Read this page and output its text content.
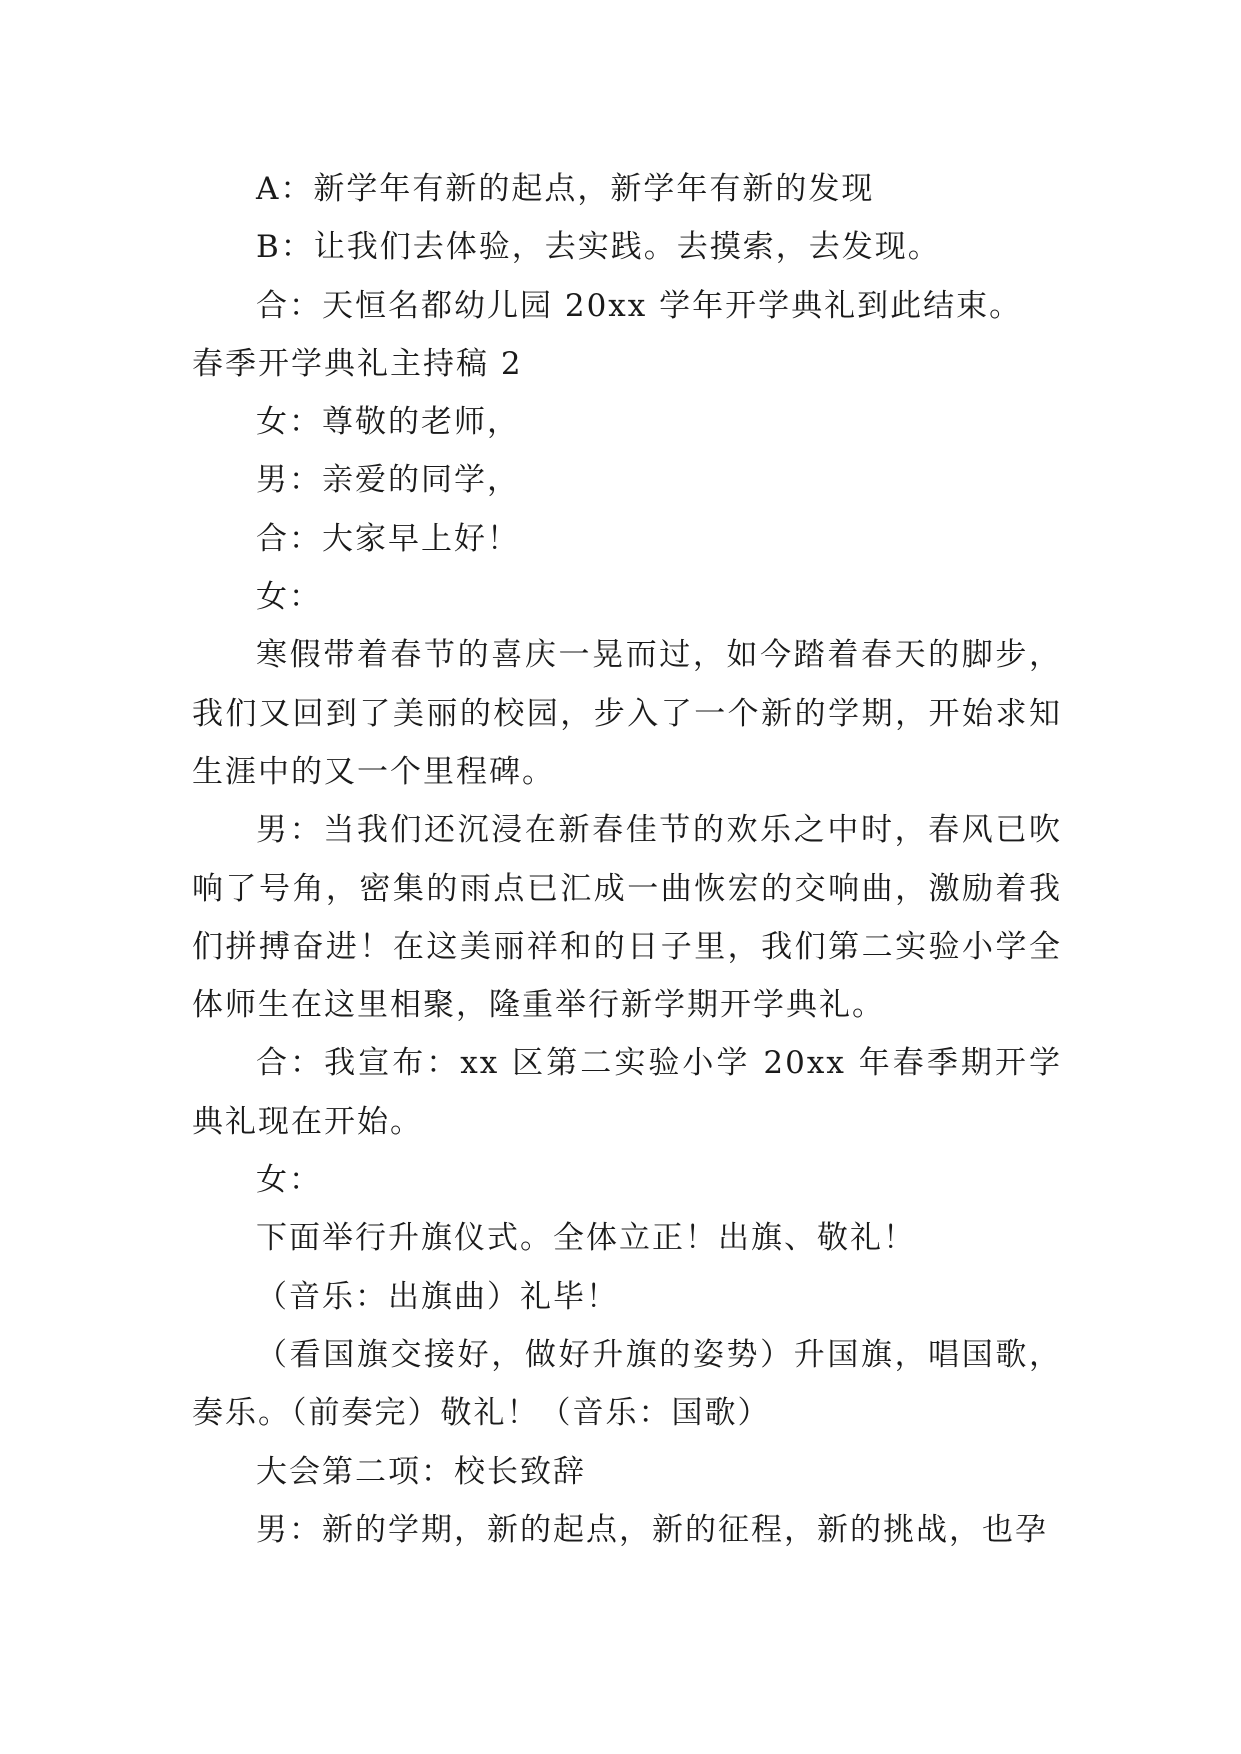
A：新学年有新的起点，新学年有新的发现

B：让我们去体验，去实践。去摸索，去发现。

合：天恒名都幼儿园 20xx 学年开学典礼到此结束。

春季开学典礼主持稿 2

女：尊敬的老师，

男：亲爱的同学，

合：大家早上好！

女：

寒假带着春节的喜庆一晃而过，如今踏着春天的脚步，我们又回到了美丽的校园，步入了一个新的学期，开始求知生涯中的又一个里程碑。

男：当我们还沉浸在新春佳节的欢乐之中时，春风已吹响了号角，密集的雨点已汇成一曲恢宏的交响曲，激励着我们拼搏奋进！在这美丽祥和的日子里，我们第二实验小学全体师生在这里相聚，隆重举行新学期开学典礼。

合：我宣布：xx 区第二实验小学 20xx 年春季期开学典礼现在开始。

女：

下面举行升旗仪式。全体立正！出旗、敬礼！

（音乐：出旗曲）礼毕！

（看国旗交接好，做好升旗的姿势）升国旗，唱国歌，奏乐。（前奏完）敬礼！（音乐：国歌）

大会第二项：校长致辞

男：新的学期，新的起点，新的征程，新的挑战，也孕
